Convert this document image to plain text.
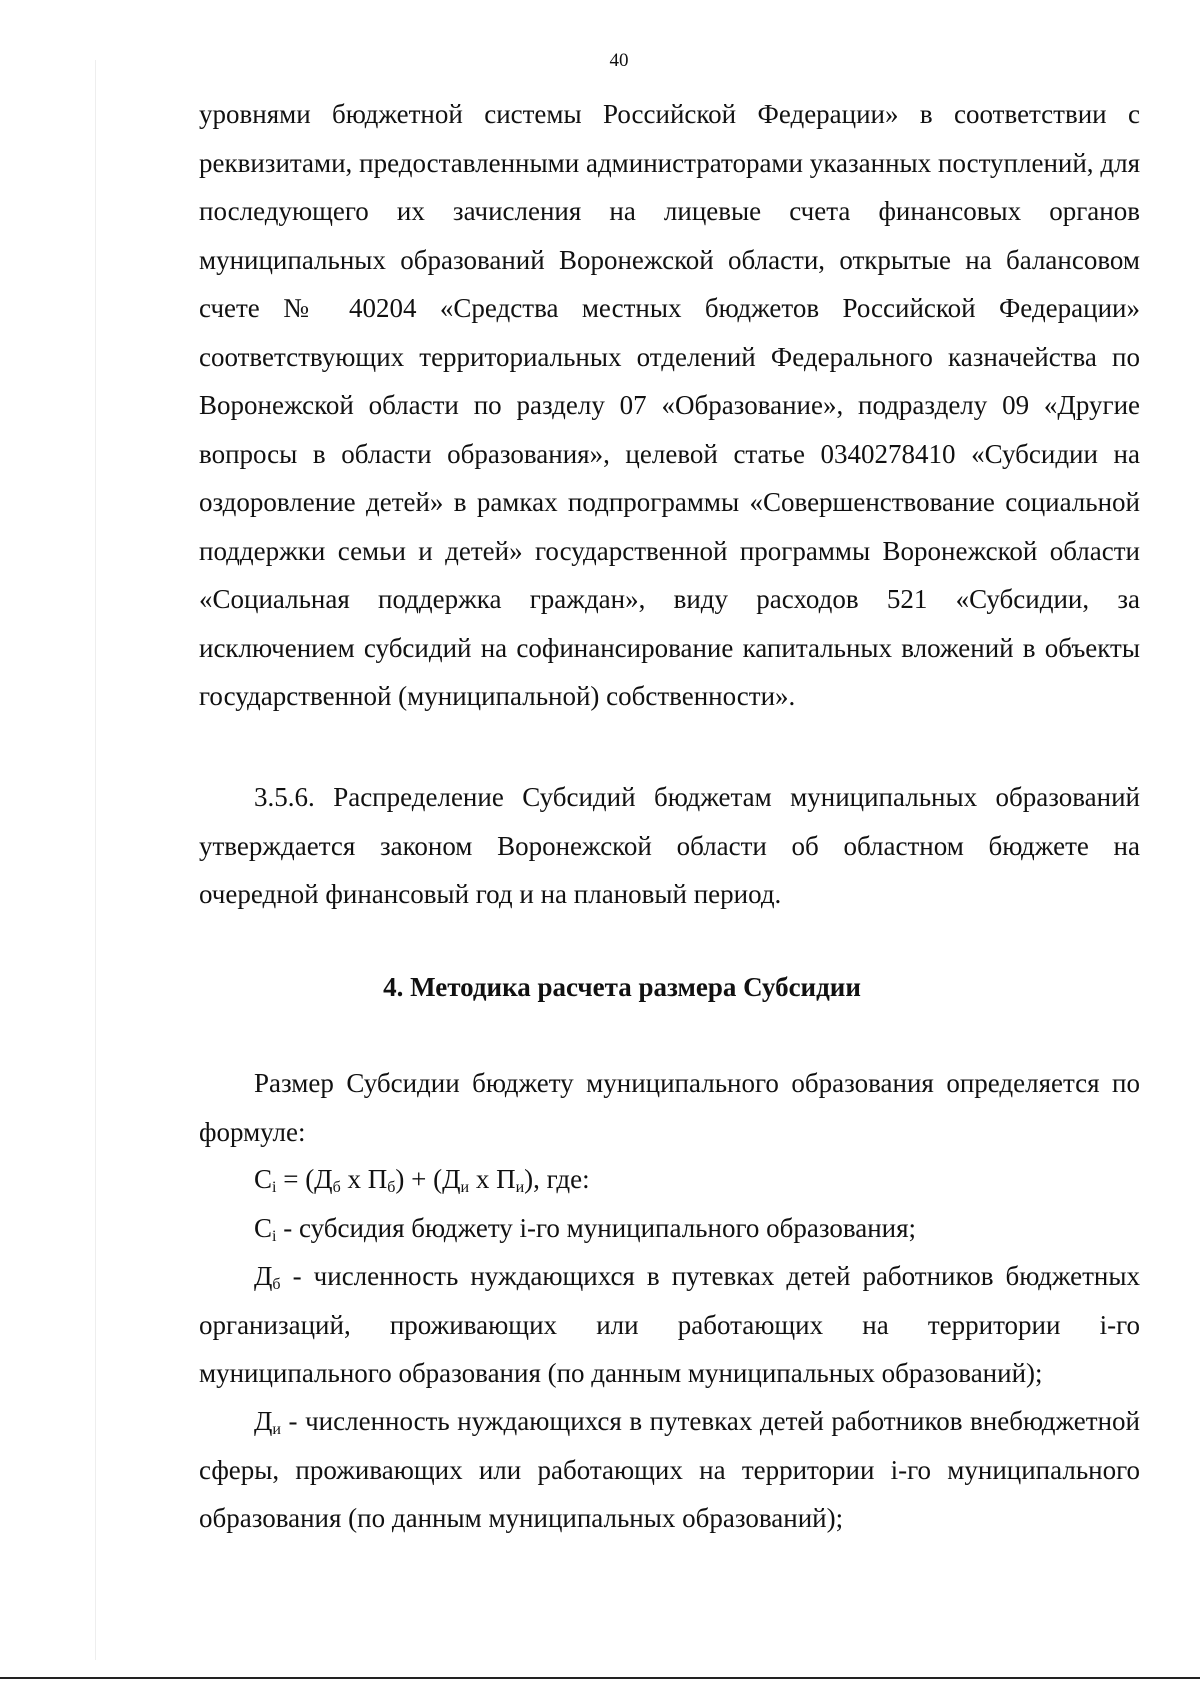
40
уровнями бюджетной системы Российской Федерации» в соответствии с реквизитами, предоставленными администраторами указанных поступлений, для последующего их зачисления на лицевые счета финансовых органов муниципальных образований Воронежской области, открытые на балансовом счете № 40204 «Средства местных бюджетов Российской Федерации» соответствующих территориальных отделений Федерального казначейства по Воронежской области по разделу 07 «Образование», подразделу 09 «Другие вопросы в области образования», целевой статье 0340278410 «Субсидии на оздоровление детей» в рамках подпрограммы «Совершенствование социальной поддержки семьи и детей» государственной программы Воронежской области «Социальная поддержка граждан», виду расходов 521 «Субсидии, за исключением субсидий на софинансирование капитальных вложений в объекты государственной (муниципальной) собственности».
3.5.6. Распределение Субсидий бюджетам муниципальных образований утверждается законом Воронежской области об областном бюджете на очередной финансовый год и на плановый период.
4. Методика расчета размера Субсидии
Размер Субсидии бюджету муниципального образования определяется по формуле:
$C_i = (Д_б$ х $П_б) + (Д_и$ х $П_и$), где:
$C_i$ - субсидия бюджету i-го муниципального образования;
$Д_б$ - численность нуждающихся в путевках детей работников бюджетных организаций, проживающих или работающих на территории i-го муниципального образования (по данным муниципальных образований);
$Д_и$ - численность нуждающихся в путевках детей работников внебюджетной сферы, проживающих или работающих на территории i-го муниципального образования (по данным муниципальных образований);
